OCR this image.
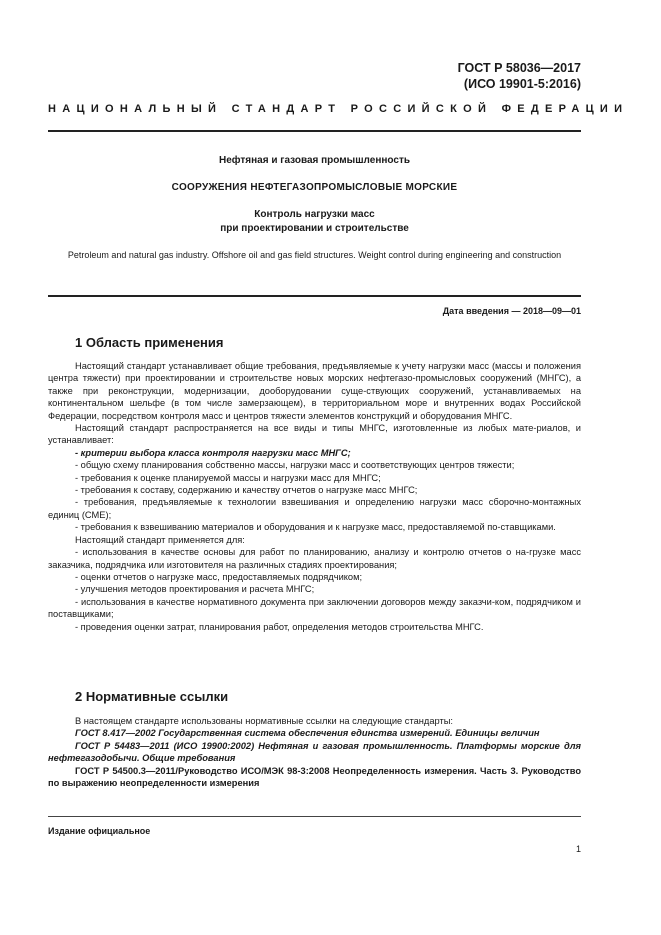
ГОСТ Р 58036—2017
(ИСО 19901-5:2016)
НАЦИОНАЛЬНЫЙ СТАНДАРТ РОССИЙСКОЙ ФЕДЕРАЦИИ
Нефтяная и газовая промышленность
СООРУЖЕНИЯ НЕФТЕГАЗОПРОМЫСЛОВЫЕ МОРСКИЕ
Контроль нагрузки масс
при проектировании и строительстве
Petroleum and natural gas industry. Offshore oil and gas field structures. Weight control during engineering and construction
Дата введения — 2018—09—01
1 Область применения

Настоящий стандарт устанавливает общие требования, предъявляемые к учету нагрузки масс (массы и положения центра тяжести) при проектировании и строительстве новых морских нефтегазо-промысловых сооружений (МНГС), а также при реконструкции, модернизации, дооборудовании суще-ствующих сооружений, устанавливаемых на континентальном шельфе (в том числе замерзающем), в территориальном море и внутренних водах Российской Федерации, посредством контроля масс и центров тяжести элементов конструкций и оборудования МНГС.

Настоящий стандарт распространяется на все виды и типы МНГС, изготовленные из любых мате-риалов, и устанавливает:

- критерии выбора класса контроля нагрузки масс МНГС;

- общую схему планирования собственно массы, нагрузки масс и соответствующих центров тяжести;

- требования к оценке планируемой массы и нагрузки масс для МНГС;

- требования к составу, содержанию и качеству отчетов о нагрузке масс МНГС;

- требования, предъявляемые к технологии взвешивания и определению нагрузки масс сборочно-монтажных единиц (СМЕ);

- требования к взвешиванию материалов и оборудования и к нагрузке масс, предоставляемой по-ставщиками.

Настоящий стандарт применяется для:

- использования в качестве основы для работ по планированию, анализу и контролю отчетов о на-грузке масс заказчика, подрядчика или изготовителя на различных стадиях проектирования;

- оценки отчетов о нагрузке масс, предоставляемых подрядчиком;

- улучшения методов проектирования и расчета МНГС;

- использования в качестве нормативного документа при заключении договоров между заказчи-ком, подрядчиком и поставщиками;

- проведения оценки затрат, планирования работ, определения методов строительства МНГС.

2 Нормативные ссылки

В настоящем стандарте использованы нормативные ссылки на следующие стандарты:

ГОСТ 8.417—2002 Государственная система обеспечения единства измерений. Единицы величин

ГОСТ Р 54483—2011 (ИСО 19900:2002) Нефтяная и газовая промышленность. Платформы морские для нефтегазодобычи. Общие требования

ГОСТ Р 54500.3—2011/Руководство ИСО/МЭК 98-3:2008 Неопределенность измерения. Часть 3. Руководство по выражению неопределенности измерения

Издание официальное
1
